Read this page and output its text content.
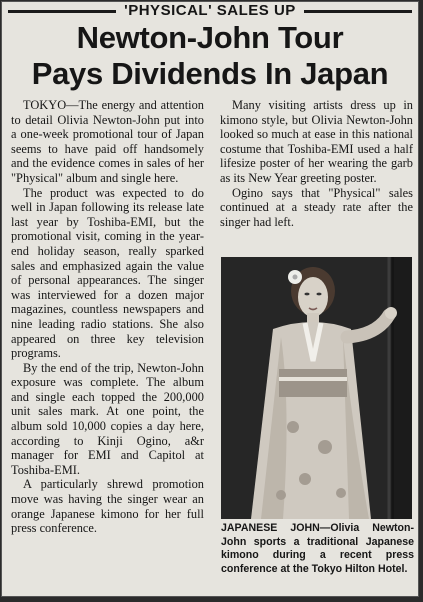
'PHYSICAL' SALES UP
Newton-John Tour
Pays Dividends In Japan

TOKYO—The energy and attention to detail Olivia Newton-John put into a one-week promotional tour of Japan seems to have paid off handsomely and the evidence comes in sales of her "Physical" album and single here.

The product was expected to do well in Japan following its release late last year by Toshiba-EMI, but the promotional visit, coming in the year-end holiday season, really sparked sales and emphasized again the value of personal appearances. The singer was interviewed for a dozen major magazines, countless newspapers and nine leading radio stations. She also appeared on three key television programs.

By the end of the trip, Newton-John exposure was complete. The album and single each topped the 200,000 unit sales mark. At one point, the album sold 10,000 copies a day here, according to Kinji Ogino, a&r manager for EMI and Capitol at Toshiba-EMI.

A particularly shrewd promotion move was having the singer wear an orange Japanese kimono for her full press conference.

Many visiting artists dress up in kimono style, but Olivia Newton-John looked so much at ease in this national costume that Toshiba-EMI used a half lifesize poster of her wearing the garb as its New Year greeting poster.

Ogino says that "Physical" sales continued at a steady rate after the singer had left.

JAPANESE JOHN—Olivia Newton-John sports a traditional Japanese kimono during a recent press conference at the Tokyo Hilton Hotel.
